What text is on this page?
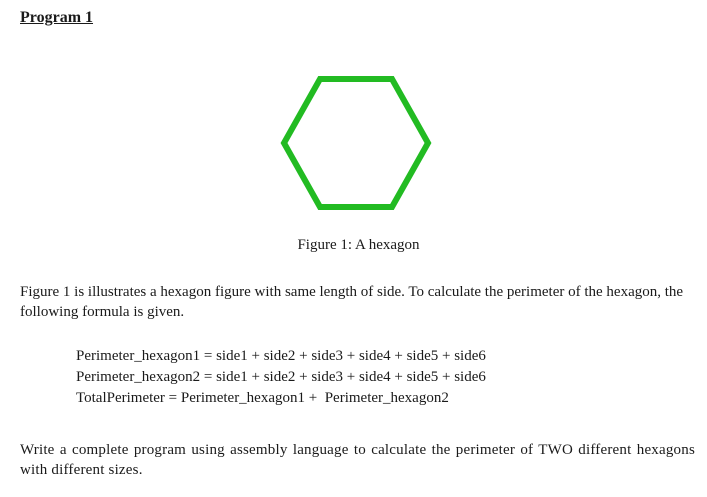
Program 1
Figure 1: A hexagon

Figure 1 is illustrates a hexagon figure with same length of side. To calculate the perimeter of the hexagon, the following formula is given.

Perimeter_hexagon1 = side1 + side2 + side3 + side4 + side5 + side6
Perimeter_hexagon2 = side1 + side2 + side3 + side4 + side5 + side6
TotalPerimeter = Perimeter_hexagon1 +  Perimeter_hexagon2

Write a complete program using assembly language to calculate the perimeter of TWO different hexagons with different sizes.
